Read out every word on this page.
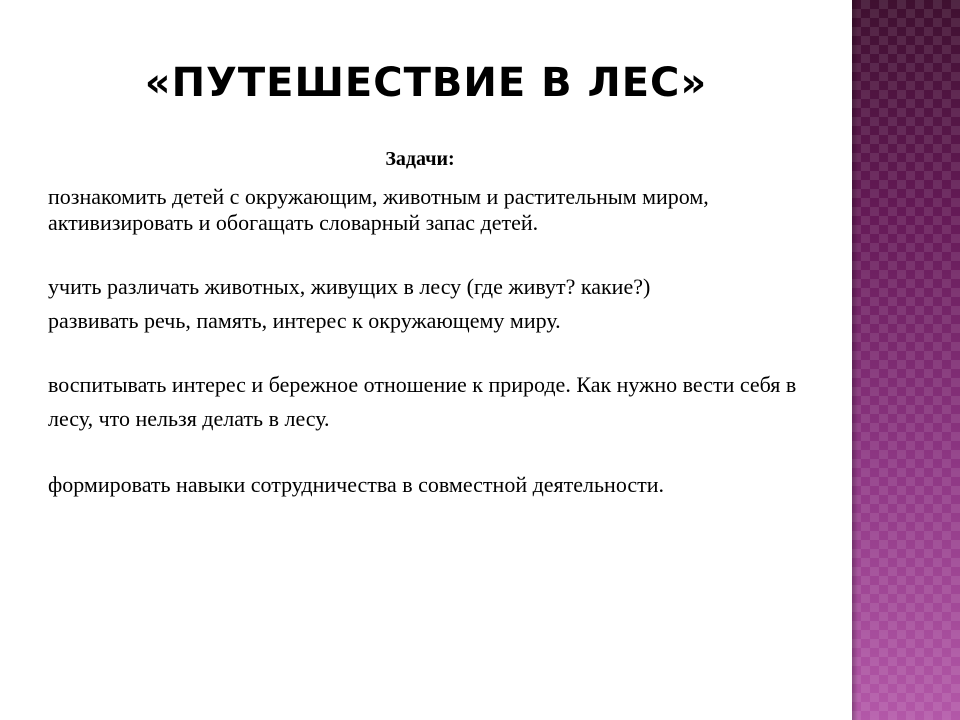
«ПУТЕШЕСТВИЕ В ЛЕС»
Задачи:

познакомить детей с окружающим, животным и растительным миром, активизировать и обогащать словарный запас детей.

учить различать животных, живущих в лесу (где живут? какие?)

развивать речь, память, интерес к окружающему миру.

воспитывать интерес и бережное отношение к природе. Как нужно вести себя в лесу, что нельзя делать в лесу.

формировать навыки сотрудничества в совместной деятельности.
